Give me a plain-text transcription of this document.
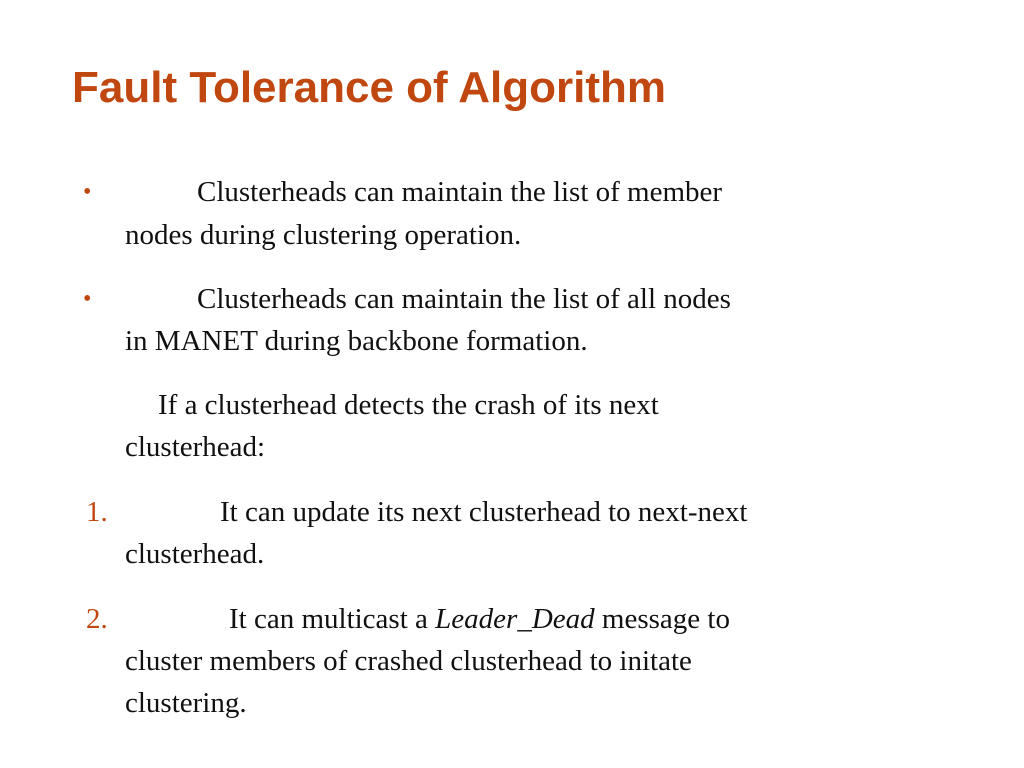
Fault Tolerance of Algorithm
•	Clusterheads can maintain the list of member
nodes during clustering operation.
•	Clusterheads can maintain the list of all nodes
in MANET during backbone formation.
If a clusterhead detects the crash of its next
clusterhead:
1.	It can update its next clusterhead to next-next
clusterhead.
2.	It can multicast a Leader_Dead message to
cluster members of crashed clusterhead to initate
clustering.
